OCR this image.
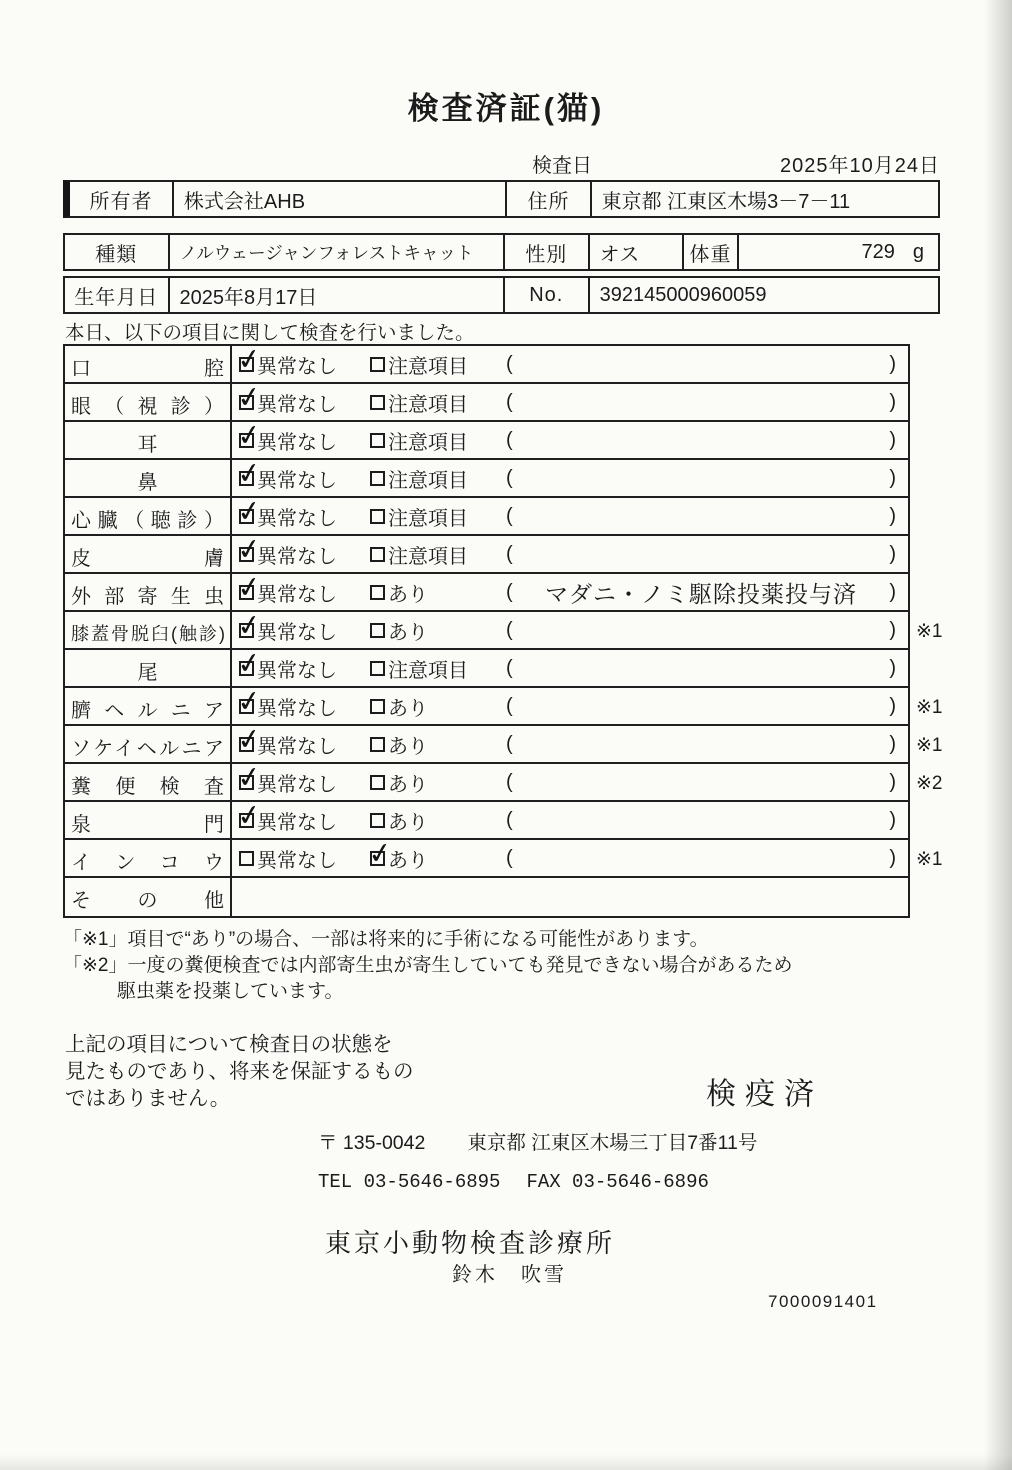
検査済証(猫)
検査日	2025年10月24日
所有者	株式会社AHB	住所	東京都 江東区木場3－7－11
種類	ノルウェージャンフォレストキャット	性別	オス	体重	729 g
生年月日	2025年8月17日	No.	392145000960059
本日、以下の項目に関して検査を行いました。
口腔 ✓	異常なし	注意項目 (	)
眼（視診） ✓	異常なし	注意項目 (	)
耳 ✓	異常なし	注意項目 (	)
鼻 ✓	異常なし	注意項目 (	)
心臓（聴診） ✓	異常なし	注意項目 (	)
皮膚 ✓	異常なし	注意項目 (	)
外部寄生虫 ✓	異常なし	あり	(	マダニ・ノミ駆除投薬投与済	)
膝蓋骨脱臼(触診) ✓	異常なし	あり	(	) ※1
尾 ✓	異常なし	注意項目 (	)
臍ヘルニア ✓	異常なし	あり	(	) ※1
ソケイヘルニア ✓	異常なし	あり	(	) ※1
糞便検査 ✓	異常なし	あり	(	) ※2
泉門 ✓	異常なし	あり	(	)
インコウ	異常なし ✓	あり	(	) ※1
その他
「※1」項目で“あり”の場合、一部は将来的に手術になる可能性があります。
「※2」一度の糞便検査では内部寄生虫が寄生していても発見できない場合があるため
駆虫薬を投薬しています。
上記の項目について検査日の状態を
見たものであり、将来を保証するもの
ではありません。	検疫済
〒 135-0042 東京都 江東区木場三丁目7番11号
TEL 03-5646-6895 FAX 03-5646-6896
東京小動物検査診療所
鈴木　吹雪
7000091401
